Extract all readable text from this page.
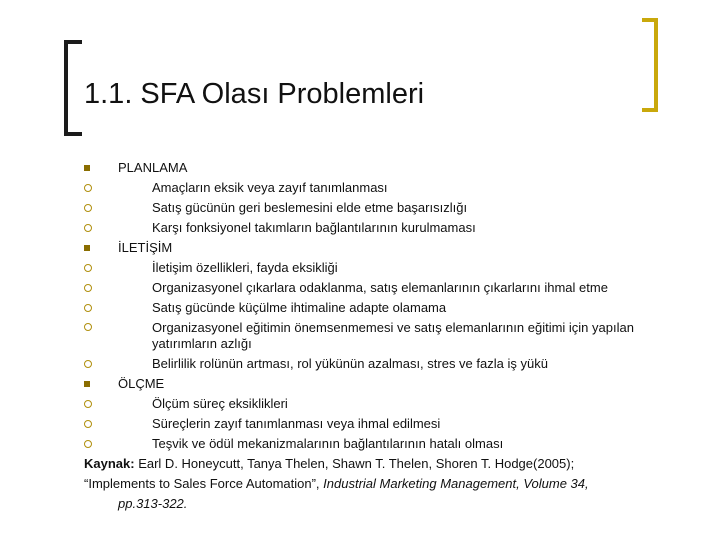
1.1. SFA Olası Problemleri
PLANLAMA
Amaçların eksik veya zayıf tanımlanması
Satış gücünün geri beslemesini elde etme başarısızlığı
Karşı fonksiyonel takımların bağlantılarının kurulmaması
İLETİŞİM
İletişim özellikleri, fayda eksikliği
Organizasyonel çıkarlara odaklanma, satış elemanlarının çıkarlarını ihmal etme
Satış gücünde küçülme ihtimaline adapte olamama
Organizasyonel eğitimin önemsenmemesi ve satış elemanlarının eğitimi için yapılan yatırımların azlığı
Belirlilik rolünün artması, rol yükünün azalması, stres ve fazla iş yükü
ÖLÇME
Ölçüm süreç eksiklikleri
Süreçlerin zayıf tanımlanması veya ihmal edilmesi
Teşvik ve ödül mekanizmalarının bağlantılarının hatalı olması
Kaynak: Earl D. Honeycutt, Tanya Thelen, Shawn T. Thelen, Shoren T. Hodge(2005);
“Implements to Sales Force Automation”, Industrial Marketing Management, Volume 34,
pp.313-322.
